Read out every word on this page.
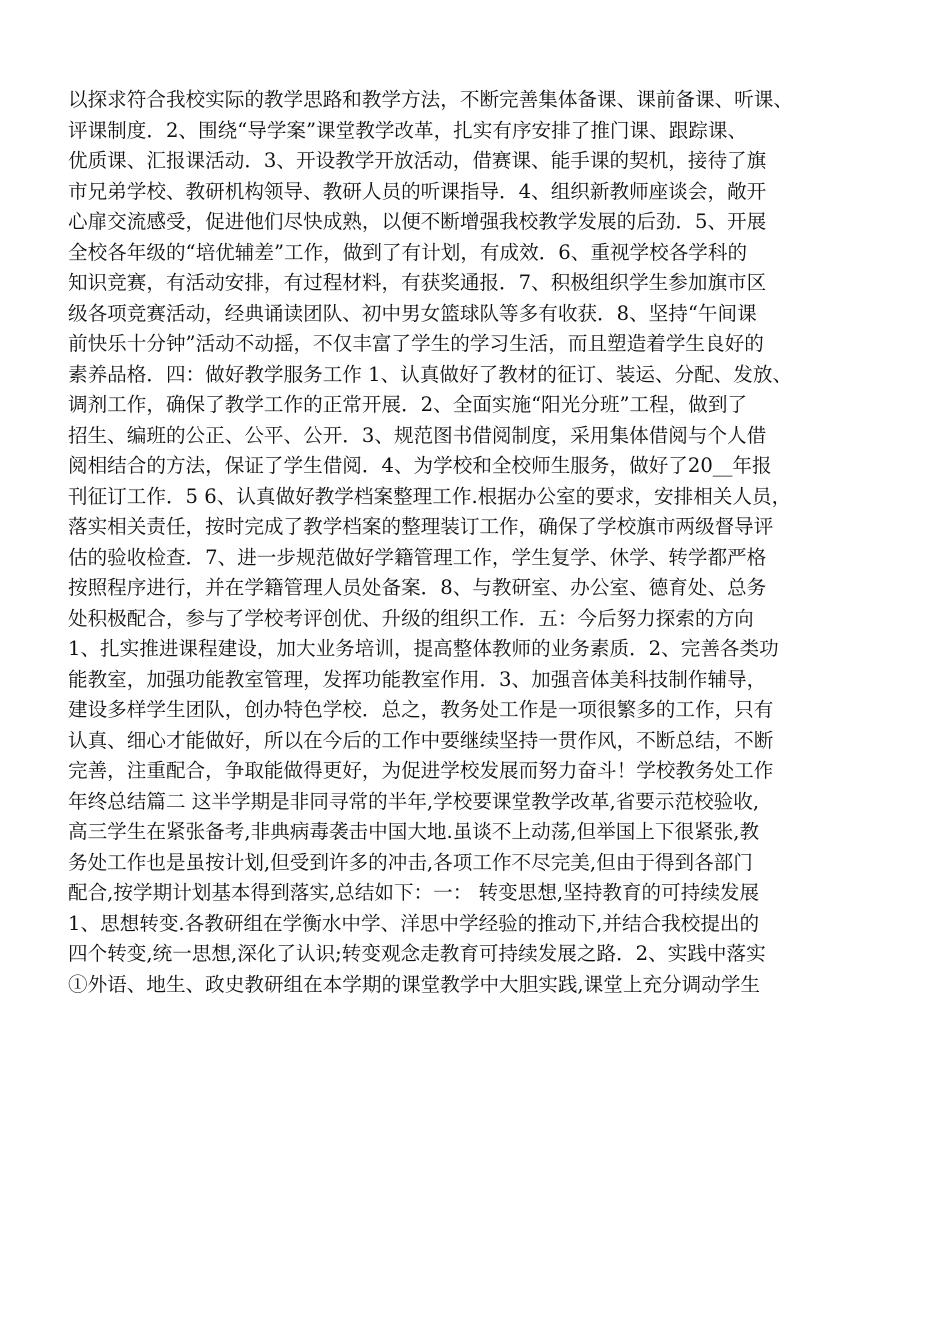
以探求符合我校实际的教学思路和教学方法，不断完善集体备课、课前备课、听课、
评课制度．2、围绕“导学案”课堂教学改革，扎实有序安排了推门课、跟踪课、
优质课、汇报课活动．3、开设教学开放活动，借赛课、能手课的契机，接待了旗
市兄弟学校、教研机构领导、教研人员的听课指导．4、组织新教师座谈会，敞开
心扉交流感受，促进他们尽快成熟，以便不断增强我校教学发展的后劲．5、开展
全校各年级的“培优辅差”工作，做到了有计划，有成效．6、重视学校各学科的
知识竞赛，有活动安排，有过程材料，有获奖通报．7、积极组织学生参加旗市区
级各项竞赛活动，经典诵读团队、初中男女篮球队等多有收获．8、坚持“午间课
前快乐十分钟”活动不动摇，不仅丰富了学生的学习生活，而且塑造着学生良好的
素养品格．四：做好教学服务工作 1、认真做好了教材的征订、装运、分配、发放、
调剂工作，确保了教学工作的正常开展．2、全面实施“阳光分班”工程，做到了
招生、编班的公正、公平、公开．3、规范图书借阅制度，采用集体借阅与个人借
阅相结合的方法，保证了学生借阅．4、为学校和全校师生服务，做好了20__年报
刊征订工作．5 6、认真做好教学档案整理工作.根据办公室的要求，安排相关人员，
落实相关责任，按时完成了教学档案的整理装订工作，确保了学校旗市两级督导评
估的验收检查．7、进一步规范做好学籍管理工作，学生复学、休学、转学都严格
按照程序进行，并在学籍管理人员处备案．8、与教研室、办公室、德育处、总务
处积极配合，参与了学校考评创优、升级的组织工作．五：今后努力探索的方向
1、扎实推进课程建设，加大业务培训，提高整体教师的业务素质．2、完善各类功
能教室，加强功能教室管理，发挥功能教室作用．3、加强音体美科技制作辅导，
建设多样学生团队，创办特色学校．总之，教务处工作是一项很繁多的工作，只有
认真、细心才能做好，所以在今后的工作中要继续坚持一贯作风，不断总结，不断
完善，注重配合，争取能做得更好，为促进学校发展而努力奋斗！学校教务处工作
年终总结篇二 这半学期是非同寻常的半年,学校要课堂教学改革,省要示范校验收,
高三学生在紧张备考,非典病毒袭击中国大地.虽谈不上动荡,但举国上下很紧张,教
务处工作也是虽按计划,但受到许多的冲击,各项工作不尽完美,但由于得到各部门
配合,按学期计划基本得到落实,总结如下：一： 转变思想,坚持教育的可持续发展
1、思想转变.各教研组在学衡水中学、洋思中学经验的推动下,并结合我校提出的
四个转变,统一思想,深化了认识;转变观念走教育可持续发展之路．2、实践中落实
①外语、地生、政史教研组在本学期的课堂教学中大胆实践,课堂上充分调动学生
